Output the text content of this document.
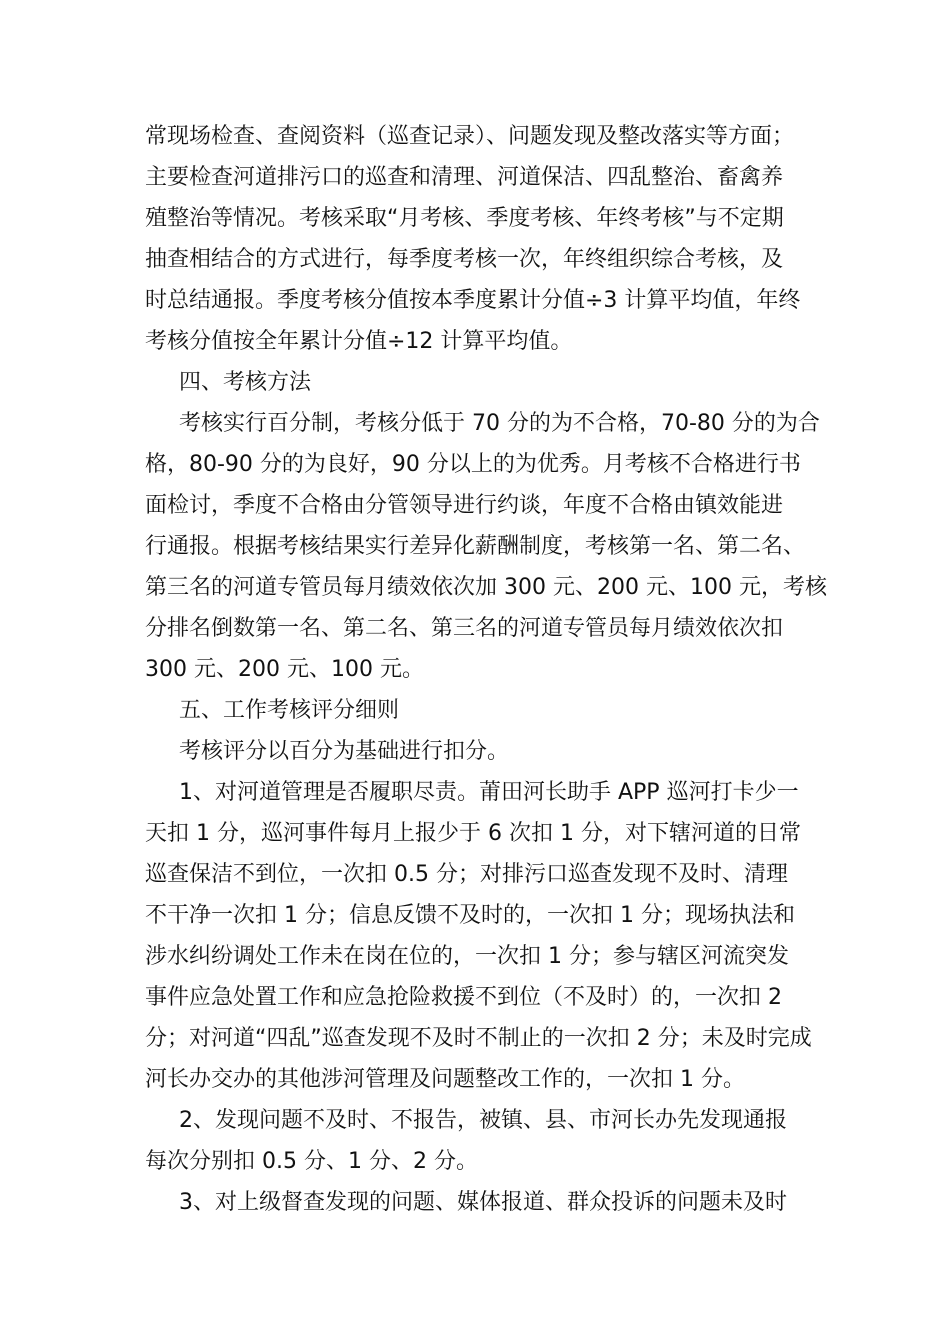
常现场检查、查阅资料（巡查记录）、问题发现及整改落实等方面；
主要检查河道排污口的巡查和清理、河道保洁、四乱整治、畜禽养
殖整治等情况。考核采取“月考核、季度考核、年终考核”与不定期
抽查相结合的方式进行，每季度考核一次，年终组织综合考核，及
时总结通报。季度考核分值按本季度累计分值÷3 计算平均值，年终
考核分值按全年累计分值÷12 计算平均值。
四、考核方法
考核实行百分制，考核分低于 70 分的为不合格，70-80 分的为合
格，80-90 分的为良好，90 分以上的为优秀。月考核不合格进行书
面检讨，季度不合格由分管领导进行约谈，年度不合格由镇效能进
行通报。根据考核结果实行差异化薪酬制度，考核第一名、第二名、
第三名的河道专管员每月绩效依次加 300 元、200 元、100 元，考核
分排名倒数第一名、第二名、第三名的河道专管员每月绩效依次扣
300 元、200 元、100 元。
五、工作考核评分细则
考核评分以百分为基础进行扣分。
1、对河道管理是否履职尽责。莆田河长助手 APP 巡河打卡少一
天扣 1 分，巡河事件每月上报少于 6 次扣 1 分，对下辖河道的日常
巡查保洁不到位，一次扣 0.5 分；对排污口巡查发现不及时、清理
不干净一次扣 1 分；信息反馈不及时的，一次扣 1 分；现场执法和
涉水纠纷调处工作未在岗在位的，一次扣 1 分；参与辖区河流突发
事件应急处置工作和应急抢险救援不到位（不及时）的，一次扣 2
分；对河道“四乱”巡查发现不及时不制止的一次扣 2 分；未及时完成
河长办交办的其他涉河管理及问题整改工作的，一次扣 1 分。
2、发现问题不及时、不报告，被镇、县、市河长办先发现通报
每次分别扣 0.5 分、1 分、2 分。
3、对上级督查发现的问题、媒体报道、群众投诉的问题未及时
